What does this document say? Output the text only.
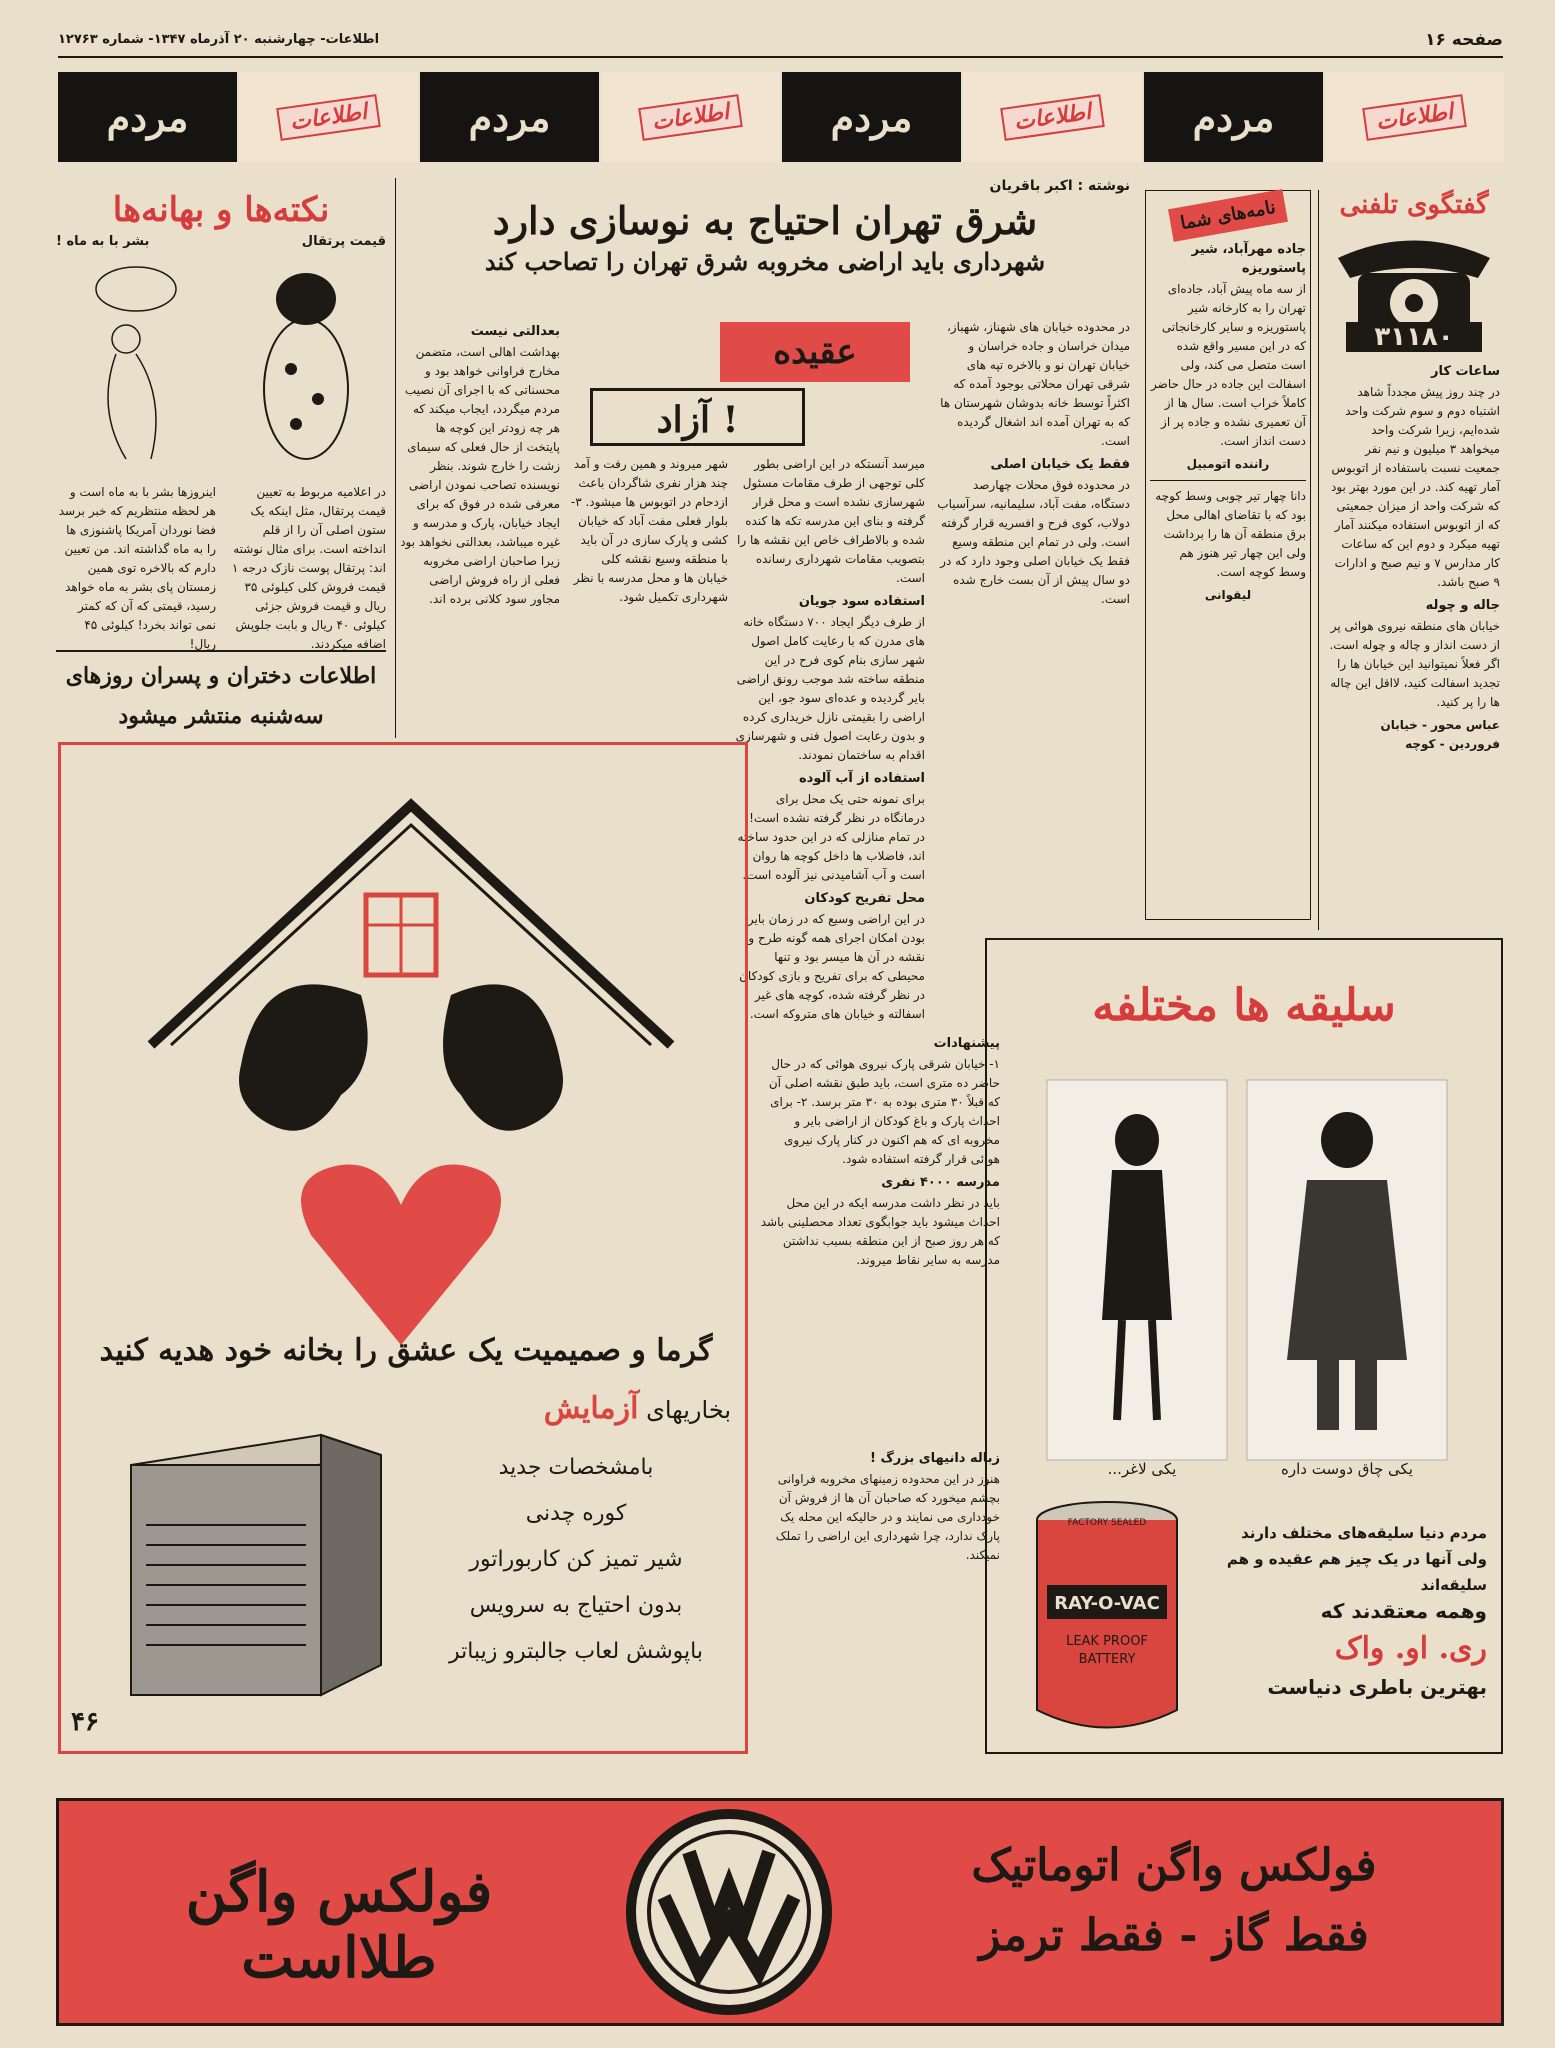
صفحه ۱۶
اطلاعات- چهارشنبه ۲۰ آذرماه ۱۳۴۷- شماره ۱۲۷۶۳
اطلاعات
مردم
اطلاعات
مردم
اطلاعات
مردم
اطلاعات
مردم
گفتگوی تلفنی
۳۱۱۸۰
ساعات کار

در چند روز پیش مجدداً شاهد اشتباه دوم و سوم شرکت واحد شده‌ایم، زیرا شرکت واحد میخواهد ۳ میلیون و نیم نفر جمعیت نسبت باستفاده از اتوبوس آمار تهیه کند. در این مورد بهتر بود که شرکت واحد از میزان جمعیتی که از اتوبوس استفاده میکنند آمار تهیه میکرد و دوم این که ساعات کار مدارس ۷ و نیم صبح و ادارات ۹ صبح باشد.

جاله و چوله

خیابان های منطقه نیروی هوائی پر از دست انداز و چاله و چوله است. اگر فعلاً نمیتوانید این خیابان ها را تجدید اسفالت کنید، لااقل این چاله ها را پر کنید.

عباس محور - خیابان فروردین - کوچه

نامه‌های شما
جاده مهرآباد، شیر پاستوریزه

از سه ماه پیش آباد، جاده‌ای تهران را به کارخانه شیر پاستوریزه و سایر کارخانجاتی که در این مسیر واقع شده است متصل می کند، ولی اسفالت این جاده در حال حاضر کاملاً خراب است. سال ها از آن تعمیری نشده و جاده پر از دست انداز است.

راننده اتومبیل

دانا چهار تیر چوبی وسط کوچه بود که با تقاضای اهالی محل برق منطقه آن ها را برداشت ولی این چهار تیر هنوز هم وسط کوچه است.

لیقوانی

نوشته : اکبر باقریان
شرق تهران احتیاج به نوسازی دارد
شهرداری باید اراضی مخروبه شرق تهران را تصاحب کند
عقیده
آزاد !

در محدوده خیابان های شهناز، شهباز، میدان خراسان و جاده خراسان و خیابان تهران نو و بالاخره تپه های شرقی تهران محلاتی بوجود آمده که اکثراً توسط خانه بدوشان شهرستان ها که به تهران آمده اند اشغال گردیده است.

فقط یک خیابان اصلی

در محدوده فوق محلات چهارصد دستگاه، مفت آباد، سلیمانیه، سرآسیاب دولاب، کوی فرح و افسریه قرار گرفته است. ولی در تمام این منطقه وسیع فقط یک خیابان اصلی وجود دارد که در دو سال پیش از آن بست خارج شده است.

میرسد آنستکه در این اراضی بطور کلی توجهی از طرف مقامات مسئول شهرسازی نشده است و محل قرار گرفته و بنای این مدرسه تکه ها کنده شده و بالاطراف خاص این نقشه ها را بتصویب مقامات شهرداری رسانده است.

استفاده سود جویان

از طرف دیگر ایجاد ۷۰۰ دستگاه خانه های مدرن که با رعایت کامل اصول شهر سازی بنام کوی فرح در این منطقه ساخته شد موجب رونق اراضی بایر گردیده و عده‌ای سود جو، این اراضی را بقیمتی نازل خریداری کرده و بدون رعایت اصول فنی و شهرسازی اقدام به ساختمان نمودند.

استفاده از آب آلوده

برای نمونه حتی یک محل برای درمانگاه در نظر گرفته نشده است! در تمام منازلی که در این حدود ساخته اند، فاضلاب ها داخل کوچه ها روان است و آب آشامیدنی نیز آلوده است.

محل تفریح کودکان

در این اراضی وسیع که در زمان بایر بودن امکان اجرای همه گونه طرح و نقشه در آن ها میسر بود و تنها محیطی که برای تفریح و بازی کودکان در نظر گرفته شده، کوچه های غیر اسفالته و خیابان های متروکه است.

شهر میروند و همین رفت و آمد چند هزار نفری شاگردان باعث ازدحام در اتوبوس ها میشود. ۳- بلوار فعلی مفت آباد که خیابان کشی و پارک سازی در آن باید با منطقه وسیع نقشه کلی خیابان ها و محل مدرسه با نظر شهرداری تکمیل شود.

بعدالتی نیست

بهداشت اهالی است، متضمن مخارج فراوانی خواهد بود و محسناتی که با اجرای آن نصیب مردم میگردد، ایجاب میکند که هر چه زودتر این کوچه ها پایتخت از حال فعلی که سیمای زشت را خارج شوند. بنظر نویسنده تصاحب نمودن اراضی معرفی شده در فوق که برای ایجاد خیابان، پارک و مدرسه و غیره میباشد، بعدالتی نخواهد بود زیرا صاحبان اراضی مخروبه فعلی از راه فروش اراضی مجاور سود کلانی برده اند.

زباله دانیهای بزرگ !

هنوز در این محدوده زمینهای مخروبه فراوانی بچشم میخورد که صاحبان آن ها از فروش آن خودداری می نمایند و در حالیکه این محله یک پارک ندارد، چرا شهرداری این اراضی را تملک نمیکند.

پیشنهادات

۱- خیابان شرقی پارک نیروی هوائی که در حال حاضر ده متری است، باید طبق نقشه اصلی آن که قبلاً ۳۰ متری بوده به ۳۰ متر برسد. ۲- برای احداث پارک و باغ کودکان از اراضی بایر و مخروبه ای که هم اکنون در کنار پارک نیروی هوائی قرار گرفته استفاده شود.

مدرسه ۴۰۰۰ نفری

باید در نظر داشت مدرسه ایکه در این محل احداث میشود باید جوابگوی تعداد محصلینی باشد که هر روز صبح از این منطقه بسبب نداشتن مدرسه به سایر نقاط میروند.

نکته‌ها و بهانه‌ها
بشر با به ماه !	قیمت پرتقال

اینروزها بشر با به ماه است و هر لحظه منتظریم که خبر برسد فضا نوردان آمریکا پاشنوزی ها را به ماه گذاشته اند. من تعیین دارم که بالاخره توی همین زمستان پای بشر به ماه خواهد رسید، قیمتی که آن که کمتر نمی تواند بخرد! کیلوئی ۴۵ ریال!

در اعلامیه مربوط به تعیین قیمت پرتقال، مثل اینکه یک ستون اصلی آن را از قلم انداخته است. برای مثال نوشته اند: پرتقال پوست نازک درجه ۱ قیمت فروش کلی کیلوئی ۳۵ ریال و قیمت فروش جزئی کیلوئی ۴۰ ریال و بابت جلوپش اضافه میکردند.

اطلاعات دختران و پسران روزهای
سه‌شنبه منتشر میشود
گرما و صمیمیت یک عشق را بخانه خود هدیه کنید
بخاریهای آزمایش
بامشخصات جدید
کوره چدنی
شیر تمیز کن کاربوراتور
بدون احتیاج به سرویس
باپوشش لعاب جالبترو زیباتر
۴۶
سلیقه ها مختلفه
یکی لاغر...	یکی چاق دوست داره
FACTORY SEALED
RAY-O-VAC
LEAK PROOF
BATTERY
مردم دنیا سلیقه‌های مختلف دارند
ولی آنها در یک چیز هم عقیده و هم سلیقه‌اند
وهمه معتقدند که
ری. او. واک
بهترین باطری دنیاست
فولکس واگن طلااست
فولکس واگن اتوماتیک
فقط گاز - فقط ترمز
